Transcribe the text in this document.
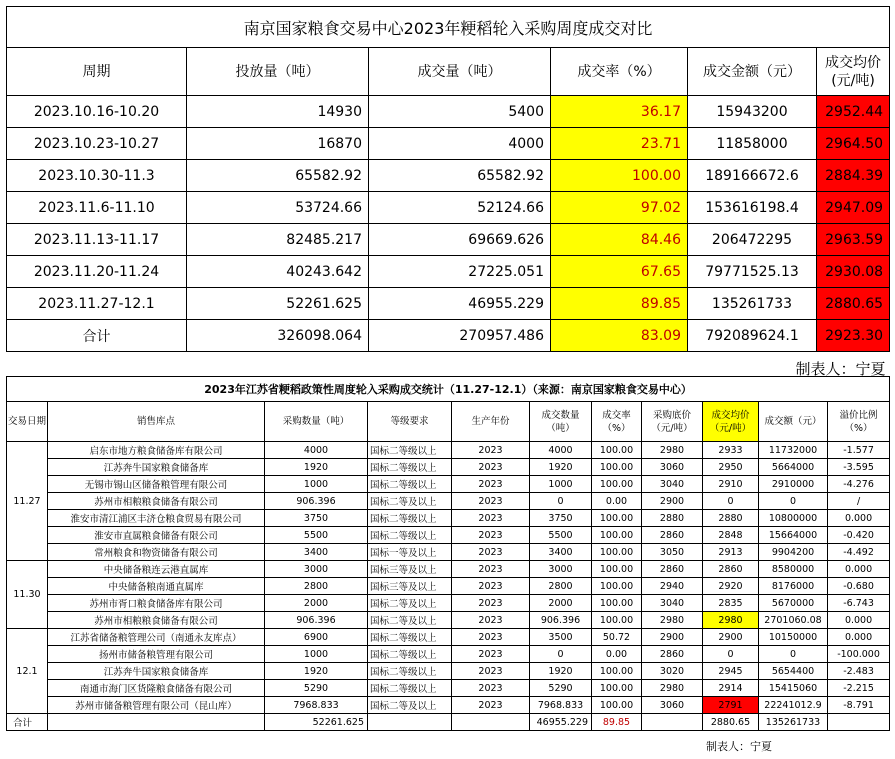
南京国家粮食交易中心2023年粳稻轮入采购周度成交对比					
周期	投放量（吨）	成交量（吨）	成交率（%）	成交金额（元）	成交均价
(元/吨)
2023.10.16-10.20	14930	5400	36.17	15943200	2952.44
2023.10.23-10.27	16870	4000	23.71	11858000	2964.50
2023.10.30-11.3	65582.92	65582.92	100.00	189166672.6	2884.39
2023.11.6-11.10	53724.66	52124.66	97.02	153616198.4	2947.09
2023.11.13-11.17	82485.217	69669.626	84.46	206472295	2963.59
2023.11.20-11.24	40243.642	27225.051	67.65	79771525.13	2930.08
2023.11.27-12.1	52261.625	46955.229	89.85	135261733	2880.65
合计	326098.064	270957.486	83.09	792089624.1	2923.30
制表人：宁夏					
2023年江苏省粳稻政策性周度轮入采购成交统计（11.27-12.1）（来源：南京国家粮食交易中心）										
交易日期	销售库点	采购数量（吨）	等级要求	生产年份	成交数量（吨）	成交率（%）	采购底价（元/吨）	成交均价（元/吨）	成交额（元）	溢价比例（%）
11.27	启东市地方粮食储备库有限公司	4000	国标二等级以上	2023	4000	100.00	2980	2933	11732000	-1.577
	江苏奔牛国家粮食储备库	1920	国标二等级以上	2023	1920	100.00	3060	2950	5664000	-3.595
	无锡市锡山区储备粮管理有限公司	1000	国标二等级以上	2023	1000	100.00	3040	2910	2910000	-4.276
	苏州市相粮粮食储备有限公司	906.396	国标二等及以上	2023	0	0.00	2900	0	0	/
	淮安市清江浦区丰济仓粮食贸易有限公司	3750	国标二等级以上	2023	3750	100.00	2880	2880	10800000	0.000
	淮安市直属粮食储备有限公司	5500	国标二等级以上	2023	5500	100.00	2860	2848	15664000	-0.420
	常州粮食和物资储备有限公司	3400	国标一等及以上	2023	3400	100.00	3050	2913	9904200	-4.492
11.30	中央储备粮连云港直属库	3000	国标三等及以上	2023	3000	100.00	2860	2860	8580000	0.000
	中央储备粮南通直属库	2800	国标三等及以上	2023	2800	100.00	2940	2920	8176000	-0.680
	苏州市胥口粮食储备库有限公司	2000	国标二等及以上	2023	2000	100.00	3040	2835	5670000	-6.743
	苏州市相粮粮食储备有限公司	906.396	国标二等及以上	2023	906.396	100.00	2980	2980	2701060.08	0.000
12.1	江苏省储备粮管理公司（南通永友库点）	6900	国标二等级以上	2023	3500	50.72	2900	2900	10150000	0.000
	扬州市储备粮管理有限公司	1000	国标二等级以上	2023	0	0.00	2860	0	0	-100.000
	江苏奔牛国家粮食储备库	1920	国标二等级以上	2023	1920	100.00	3020	2945	5654400	-2.483
	南通市海门区货隆粮食储备有限公司	5290	国标二等级以上	2023	5290	100.00	2980	2914	15415060	-2.215
	苏州市储备粮管理有限公司（昆山库）	7968.833	国标二等及以上	2023	7968.833	100.00	3060	2791	22241012.9	-8.791
合计		52261.625			46955.229	89.85		2880.65	135261733	
制表人：宁夏
